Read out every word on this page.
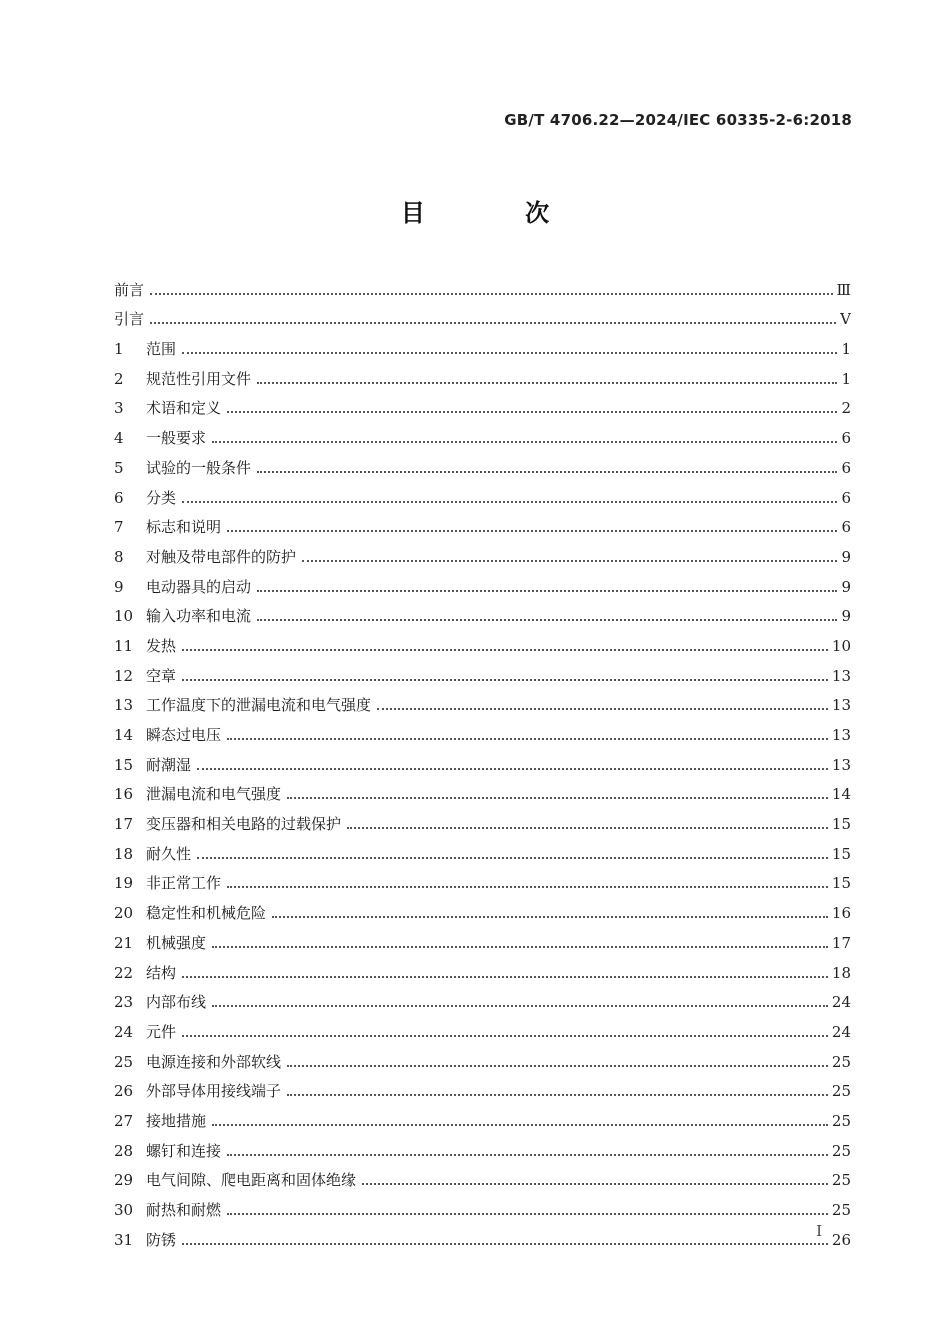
GB/T 4706.22—2024/IEC 60335-2-6:2018
目 次
前言	Ⅲ
引言	Ⅴ
1	范围	1
2	规范性引用文件	1
3	术语和定义	2
4	一般要求	6
5	试验的一般条件	6
6	分类	6
7	标志和说明	6
8	对触及带电部件的防护	9
9	电动器具的启动	9
10 输入功率和电流	9
11 发热	10
12 空章	13
13 工作温度下的泄漏电流和电气强度	13
14 瞬态过电压	13
15 耐潮湿	13
16 泄漏电流和电气强度	14
17 变压器和相关电路的过载保护	15
18 耐久性	15
19 非正常工作	15
20 稳定性和机械危险	16
21 机械强度	17
22 结构	18
23 内部布线	24
24 元件	24
25 电源连接和外部软线	25
26 外部导体用接线端子	25
27 接地措施	25
28 螺钉和连接	25
29 电气间隙、爬电距离和固体绝缘	25
30 耐热和耐燃	25
31 防锈	26
I
